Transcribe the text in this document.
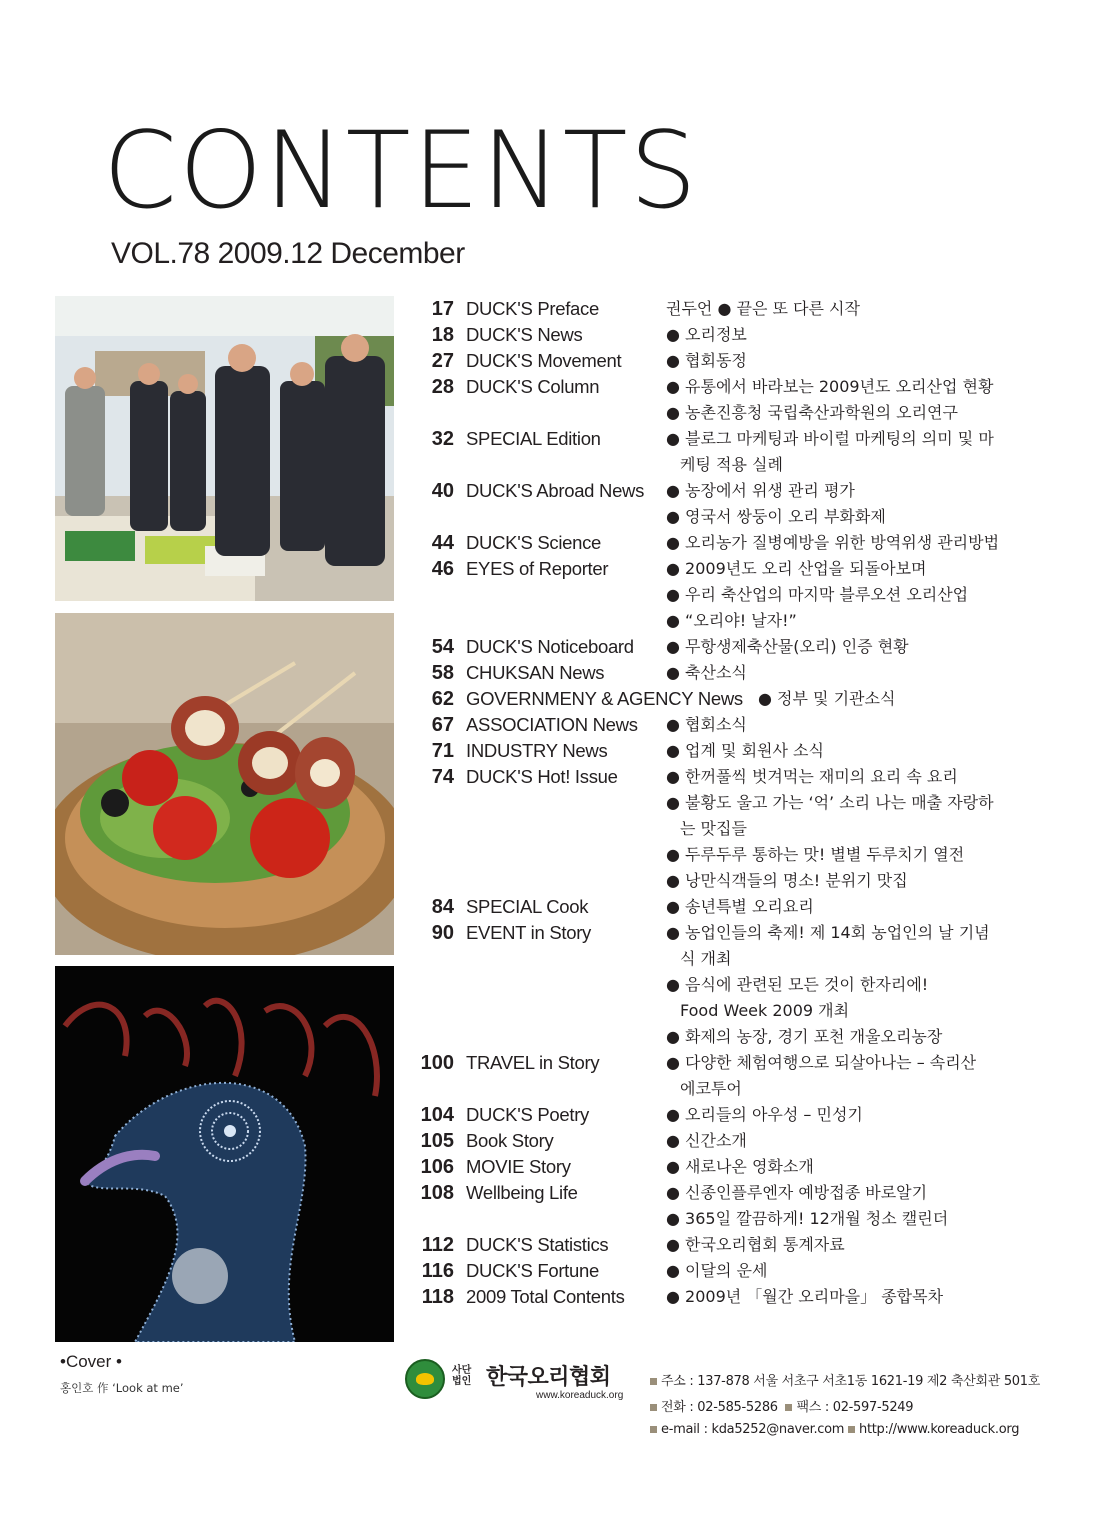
CONTENTS
VOL.78 2009.12 December
17 DUCK'S Preface	권두언 ● 끝은 또 다른 시작
18 DUCK'S News	● 오리정보
27 DUCK'S Movement	● 협회동정
28 DUCK'S Column	● 유통에서 바라보는 2009년도 오리산업 현황
● 농촌진흥청 국립축산과학원의 오리연구
32 SPECIAL Edition	● 블로그 마케팅과 바이럴 마케팅의 의미 및 마
케팅 적용 실례
40 DUCK'S Abroad News ● 농장에서 위생 관리 평가
● 영국서 쌍둥이 오리 부화화제
44 DUCK'S Science	● 오리농가 질병예방을 위한 방역위생 관리방법
46 EYES of Reporter	● 2009년도 오리 산업을 되돌아보며
● 우리 축산업의 마지막 블루오션 오리산업
● “오리야! 날자!”
54 DUCK'S Noticeboard ● 무항생제축산물(오리) 인증 현황
58 CHUKSAN News	● 축산소식
62 GOVERNMENY & AGENCY News ● 정부 및 기관소식
67 ASSOCIATION News ● 협회소식
71 INDUSTRY News	● 업계 및 회원사 소식
74 DUCK'S Hot! Issue	● 한꺼풀씩 벗겨먹는 재미의 요리 속 요리
● 불황도 울고 가는 ‘억’ 소리 나는 매출 자랑하
는 맛집들
● 두루두루 통하는 맛! 별별 두루치기 열전
● 낭만식객들의 명소! 분위기 맛집
84 SPECIAL Cook	● 송년특별 오리요리
90 EVENT in Story	● 농업인들의 축제! 제 14회 농업인의 날 기념
식 개최
● 음식에 관련된 모든 것이 한자리에!
Food Week 2009 개최
● 화제의 농장, 경기 포천 개울오리농장
100 TRAVEL in Story	● 다양한 체험여행으로 되살아나는 – 속리산
에코투어
104 DUCK'S Poetry	● 오리들의 아우성 – 민성기
105 Book Story	● 신간소개
106 MOVIE Story	● 새로나온 영화소개
108 Wellbeing Life	● 신종인플루엔자 예방접종 바로알기
● 365일 깔끔하게! 12개월 청소 캘린더
112 DUCK'S Statistics	● 한국오리협회 통계자료
116 DUCK'S Fortune	● 이달의 운세
118 2009 Total Contents	● 2009년 「월간 오리마을」 종합목차
•Cover •
홍인호 作 ‘Look at me’
사단 법인 한국오리협회
www.koreaduck.org
주소 : 137-878 서울 서초구 서초1동 1621-19 제2 축산회관 501호
전화 : 02-585-5286 팩스 : 02-597-5249
e-mail : kda5252@naver.com http://www.koreaduck.org
